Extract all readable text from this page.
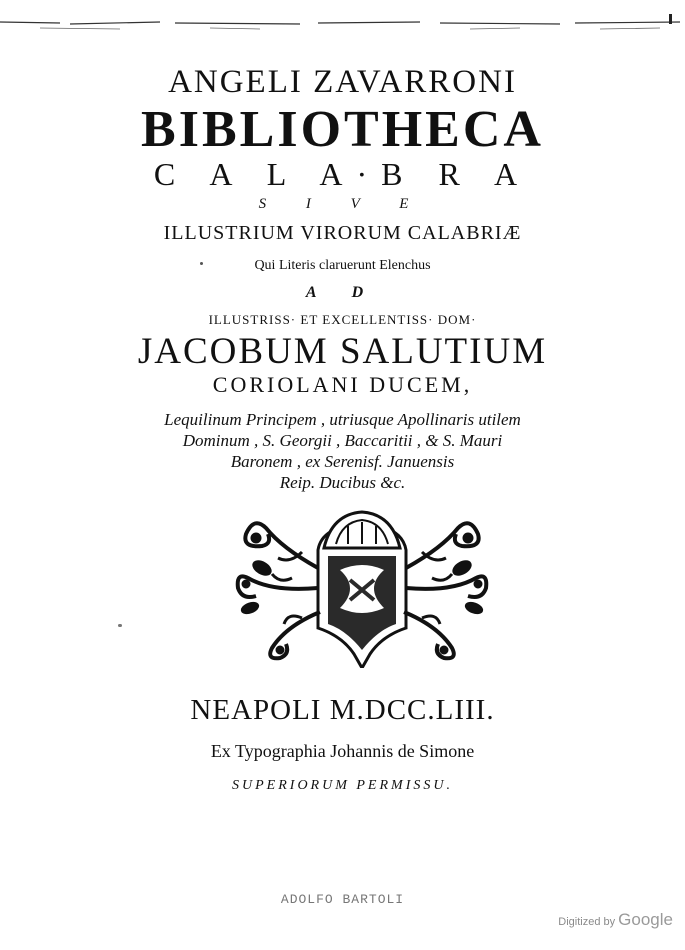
ANGELI ZAVARRONI
BIBLIOTHECA
C A L A·B R A
S I V E
ILLUSTRIUM VIRORUM CALABRIÆ
Qui Literis claruerunt Elenchus
A D
ILLUSTRISS· ET EXCELLENTISS· DOM·
JACOBUM SALUTIUM
CORIOLANI DUCEM,
Lequilinum Principem , utriusque Apollinaris utilem
Dominum , S. Georgii , Baccaritii , & S. Mauri
Baronem , ex Serenisf. Januensis
Reip. Ducibus &c.
NEAPOLI M.DCC.LIII.
Ex Typographia Johannis de Simone
SUPERIORUM PERMISSU.
ADOLFO BARTOLI
Digitized by Google
